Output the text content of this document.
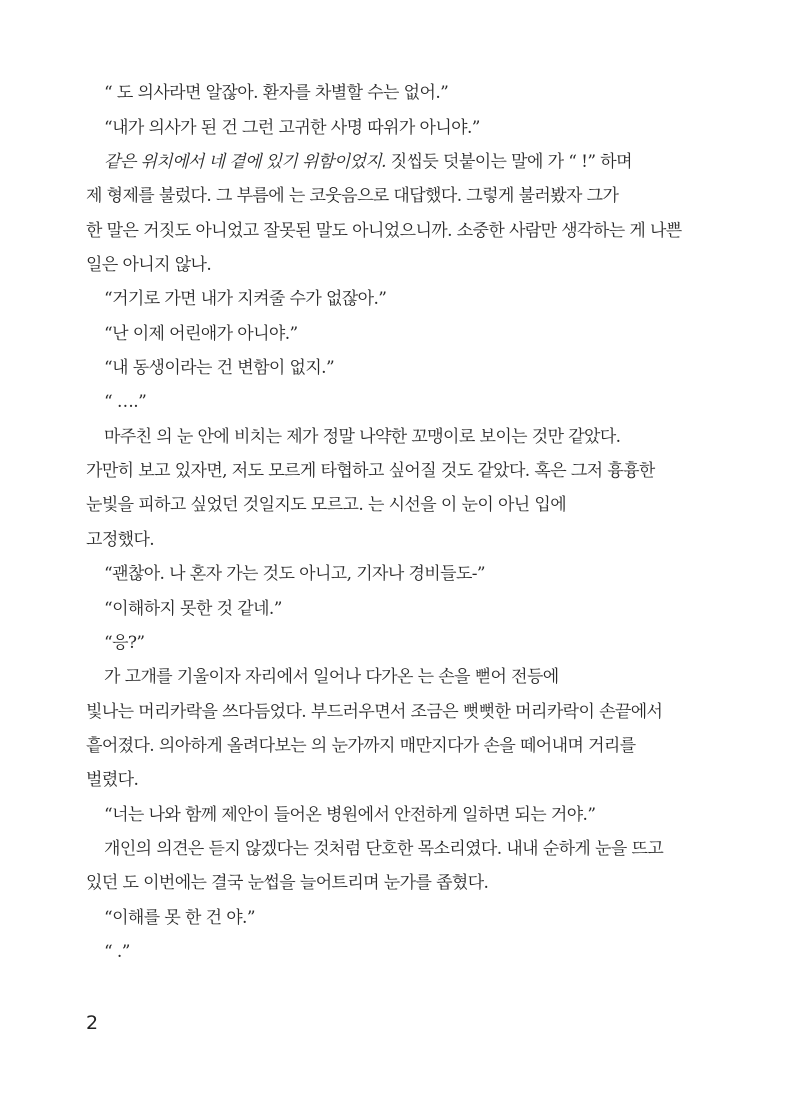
“ 도 의사라면 알잖아. 환자를 차별할 수는 없어.”
“내가 의사가 된 건 그런 고귀한 사명 따위가 아니야.”
같은 위치에서 네 곁에 있기 위함이었지. 짓씹듯 덧붙이는 말에 가 “ !” 하며
제 형제를 불렀다. 그 부름에 는 코웃음으로 대답했다. 그렇게 불러봤자 그가
한 말은 거짓도 아니었고 잘못된 말도 아니었으니까. 소중한 사람만 생각하는 게 나쁜
일은 아니지 않나.
“거기로 가면 내가 지켜줄 수가 없잖아.”
“난 이제 어린애가 아니야.”
“내 동생이라는 건 변함이 없지.”
“ ….”
마주친 의 눈 안에 비치는 제가 정말 나약한 꼬맹이로 보이는 것만 같았다.
가만히 보고 있자면, 저도 모르게 타협하고 싶어질 것도 같았다. 혹은 그저 흉흉한
눈빛을 피하고 싶었던 것일지도 모르고. 는 시선을 이 눈이 아닌 입에
고정했다.
“괜찮아. 나 혼자 가는 것도 아니고, 기자나 경비들도-”
“이해하지 못한 것 같네.”
“응?”
가 고개를 기울이자 자리에서 일어나 다가온 는 손을 뻗어 전등에
빛나는 머리카락을 쓰다듬었다. 부드러우면서 조금은 뻣뻣한 머리카락이 손끝에서
흩어졌다. 의아하게 올려다보는 의 눈가까지 매만지다가 손을 떼어내며 거리를
벌렸다.
“너는 나와 함께 제안이 들어온 병원에서 안전하게 일하면 되는 거야.”
개인의 의견은 듣지 않겠다는 것처럼 단호한 목소리였다. 내내 순하게 눈을 뜨고
있던 도 이번에는 결국 눈썹을 늘어트리며 눈가를 좁혔다.
“이해를 못 한 건 야.”
“ .”
2
